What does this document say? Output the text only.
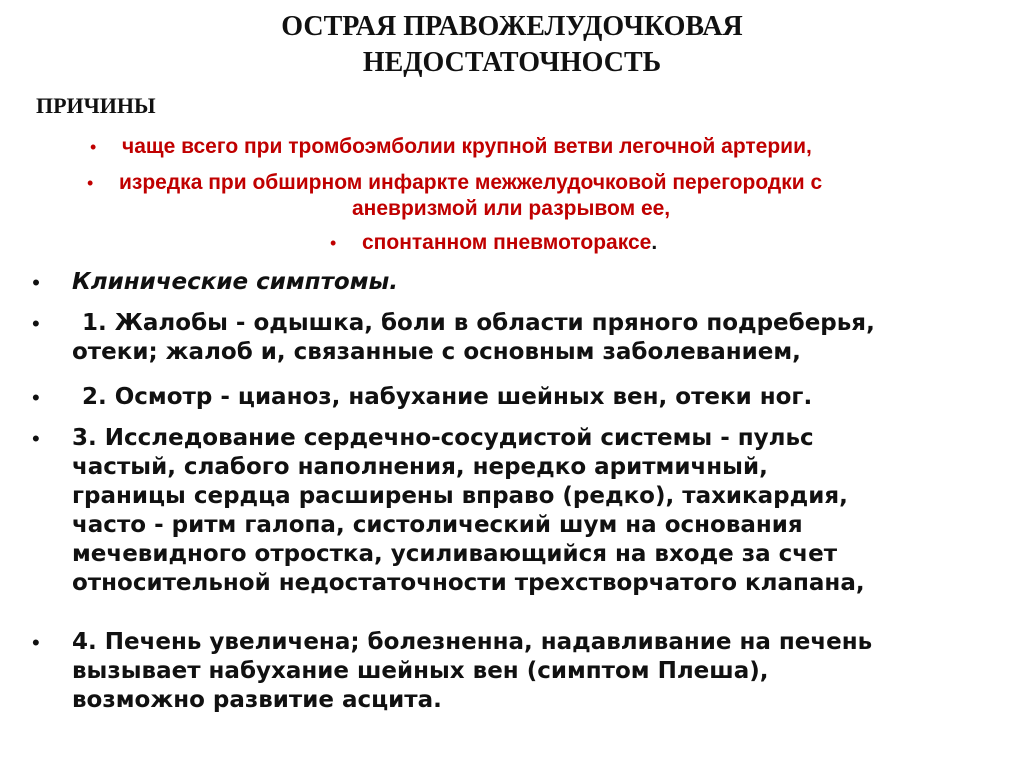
ОСТРАЯ ПРАВОЖЕЛУДОЧКОВАЯ
НЕДОСТАТОЧНОСТЬ
ПРИЧИНЫ
• чаще всего при тромбоэмболии крупной ветви легочной артерии,
• изредка при обширном инфаркте межжелудочковой перегородки с
аневризмой или разрывом ее,
• спонтанном пневмотораксе.
• Клинические симптомы.
•	1. Жалобы - одышка, боли в области пряного подреберья,
отеки; жалоб и, связанные с основным заболеванием,
•	2. Осмотр - цианоз, набухание шейных вен, отеки ног.
• 3. Исследование сердечно-сосудистой системы - пульс
частый, слабого наполнения, нередко аритмичный,
границы сердца расширены вправо (редко), тахикардия,
часто - ритм галопа, систолический шум на основания
мечевидного отростка, усиливающийся на входе за счет
относительной недостаточности трехстворчатого клапана,
• 4. Печень увеличена; болезненна, надавливание на печень
вызывает набухание шейных вен (симптом Плеша),
возможно развитие асцита.
